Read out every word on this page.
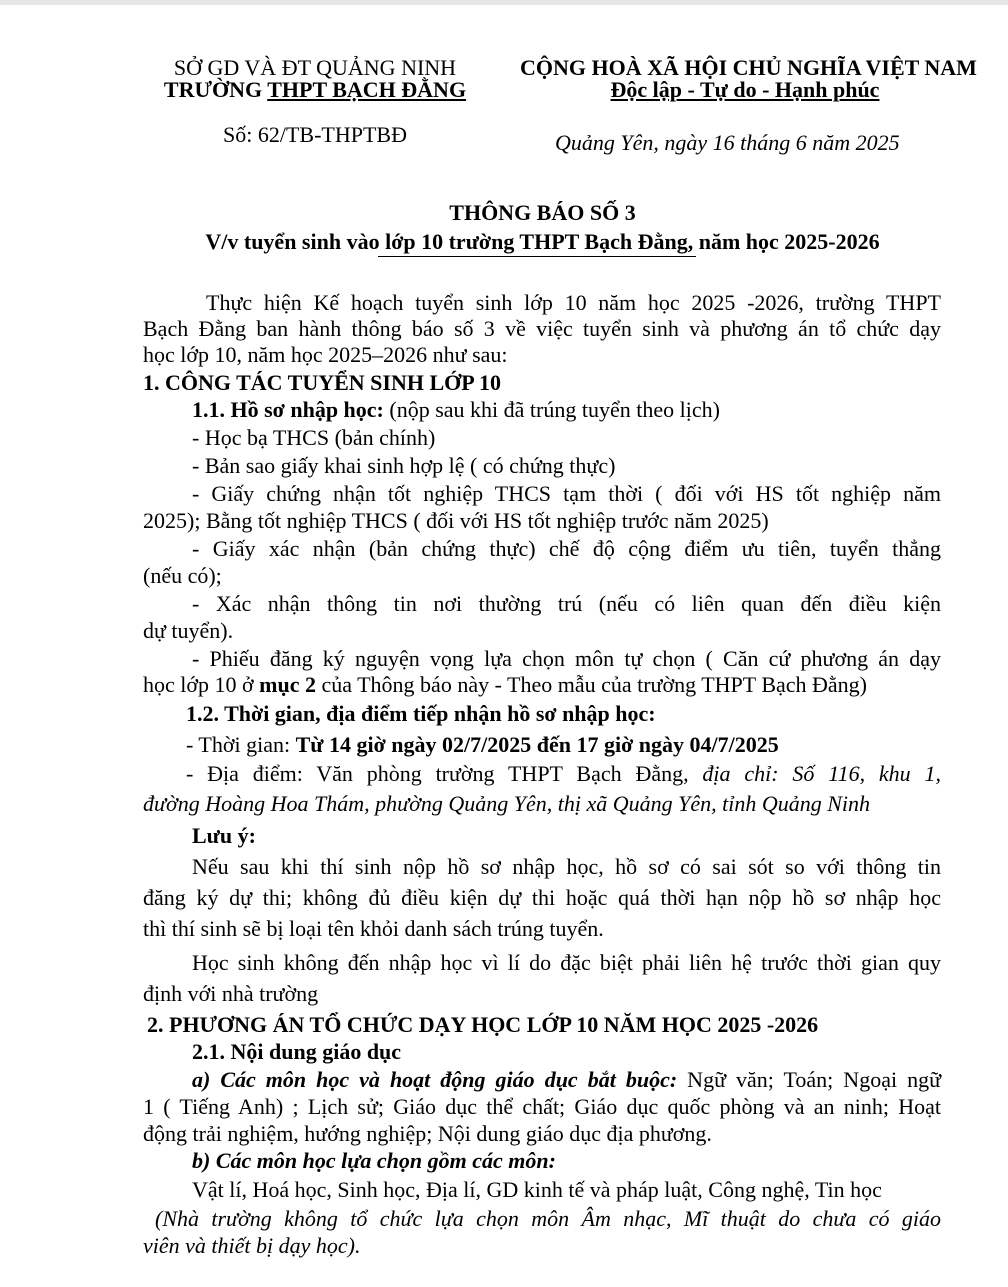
SỞ GD VÀ ĐT QUẢNG NINH
TRƯỜNG THPT BẠCH ĐẰNG
Số: 62/TB-THPTBĐ
CỘNG HOÀ XÃ HỘI CHỦ NGHĨA VIỆT NAM
Độc lập - Tự do - Hạnh phúc
Quảng Yên, ngày 16 tháng 6 năm 2025
THÔNG BÁO SỐ 3
V/v tuyển sinh vào lớp 10 trường THPT Bạch Đằng, năm học 2025-2026
Thực hiện Kế hoạch tuyển sinh lớp 10 năm học 2025 -2026, trường THPT
Bạch Đằng ban hành thông báo số 3 về việc tuyển sinh và phương án tổ chức dạy
học lớp 10, năm học 2025–2026 như sau:
1. CÔNG TÁC TUYỂN SINH LỚP 10
1.1. Hồ sơ nhập học: (nộp sau khi đã trúng tuyển theo lịch)
- Học bạ THCS (bản chính)
- Bản sao giấy khai sinh hợp lệ ( có chứng thực)
- Giấy chứng nhận tốt nghiệp THCS tạm thời ( đối với HS tốt nghiệp năm
2025); Bằng tốt nghiệp THCS ( đối với HS tốt nghiệp trước năm 2025)
- Giấy xác nhận (bản chứng thực) chế độ cộng điểm ưu tiên, tuyển thẳng
(nếu có);
- Xác nhận thông tin nơi thường trú (nếu có liên quan đến điều kiện
dự tuyển).
- Phiếu đăng ký nguyện vọng lựa chọn môn tự chọn ( Căn cứ phương án dạy
học lớp 10 ở mục 2 của Thông báo này - Theo mẫu của trường THPT Bạch Đằng)
1.2. Thời gian, địa điểm tiếp nhận hồ sơ nhập học:
- Thời gian: Từ 14 giờ ngày 02/7/2025 đến 17 giờ ngày 04/7/2025
- Địa điểm: Văn phòng trường THPT Bạch Đằng, địa chỉ: Số 116, khu 1,
đường Hoàng Hoa Thám, phường Quảng Yên, thị xã Quảng Yên, tỉnh Quảng Ninh
Lưu ý:
Nếu sau khi thí sinh nộp hồ sơ nhập học, hồ sơ có sai sót so với thông tin
đăng ký dự thi; không đủ điều kiện dự thi hoặc quá thời hạn nộp hồ sơ nhập học
thì thí sinh sẽ bị loại tên khỏi danh sách trúng tuyển.
Học sinh không đến nhập học vì lí do đặc biệt phải liên hệ trước thời gian quy
định với nhà trường
2. PHƯƠNG ÁN TỔ CHỨC DẠY HỌC LỚP 10 NĂM HỌC 2025 -2026
2.1. Nội dung giáo dục
a) Các môn học và hoạt động giáo dục bắt buộc: Ngữ văn; Toán; Ngoại ngữ
1 ( Tiếng Anh) ; Lịch sử; Giáo dục thể chất; Giáo dục quốc phòng và an ninh; Hoạt
động trải nghiệm, hướng nghiệp; Nội dung giáo dục địa phương.
b) Các môn học lựa chọn gồm các môn:
Vật lí, Hoá học, Sinh học, Địa lí, GD kinh tế và pháp luật, Công nghệ, Tin học
(Nhà trường không tổ chức lựa chọn môn Âm nhạc, Mĩ thuật do chưa có giáo
viên và thiết bị dạy học).
